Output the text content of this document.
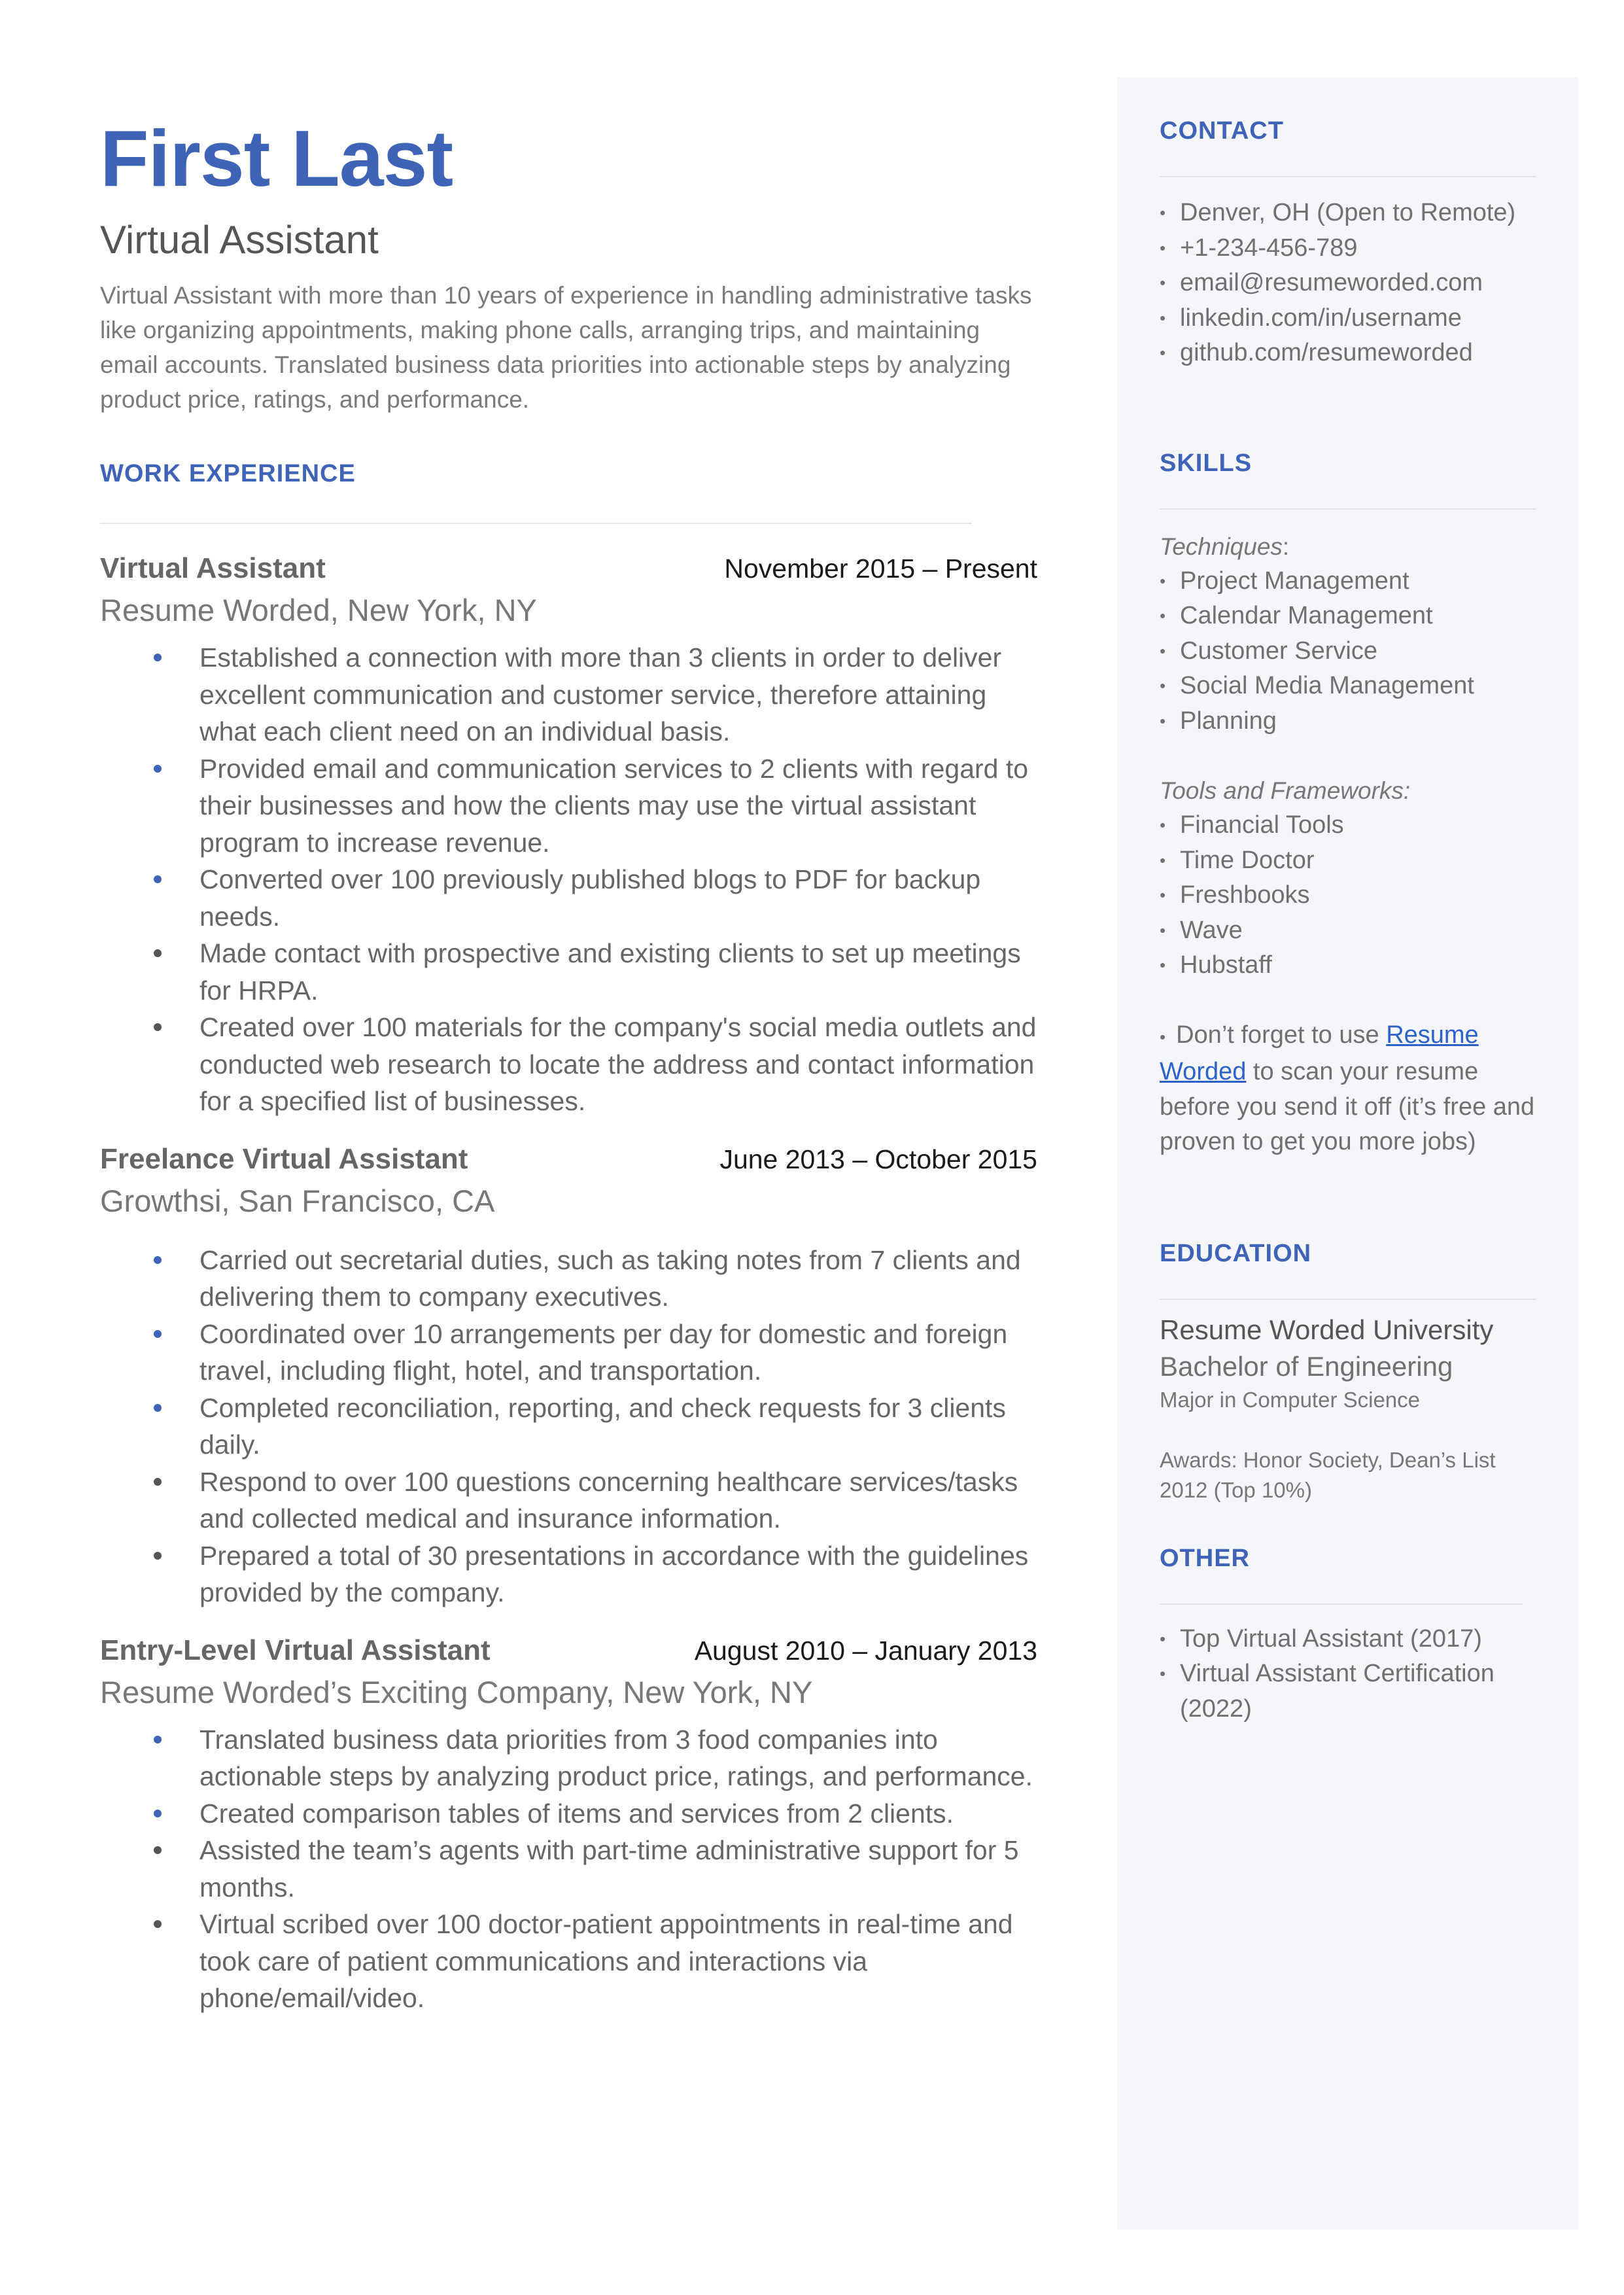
First Last
Virtual Assistant

Virtual Assistant with more than 10 years of experience in handling administrative tasks like organizing appointments, making phone calls, arranging trips, and maintaining email accounts. Translated business data priorities into actionable steps by analyzing product price, ratings, and performance.

WORK EXPERIENCE
Virtual Assistant	November 2015 – Present
Resume Worded, New York, NY
Established a connection with more than 3 clients in order to deliver excellent communication and customer service, therefore attaining what each client need on an individual basis.
Provided email and communication services to 2 clients with regard to their businesses and how the clients may use the virtual assistant program to increase revenue.
Converted over 100 previously published blogs to PDF for backup needs.
Made contact with prospective and existing clients to set up meetings for HRPA.
Created over 100 materials for the company's social media outlets and conducted web research to locate the address and contact information for a specified list of businesses.
Freelance Virtual Assistant	June 2013 – October 2015
Growthsi, San Francisco, CA
Carried out secretarial duties, such as taking notes from 7 clients and delivering them to company executives.
Coordinated over 10 arrangements per day for domestic and foreign travel, including flight, hotel, and transportation.
Completed reconciliation, reporting, and check requests for 3 clients daily.
Respond to over 100 questions concerning healthcare services/tasks and collected medical and insurance information.
Prepared a total of 30 presentations in accordance with the guidelines provided by the company.
Entry-Level Virtual Assistant	August 2010 – January 2013
Resume Worded’s Exciting Company, New York, NY
Translated business data priorities from 3 food companies into actionable steps by analyzing product price, ratings, and performance.
Created comparison tables of items and services from 2 clients.
Assisted the team’s agents with part-time administrative support for 5 months.
Virtual scribed over 100 doctor-patient appointments in real-time and took care of patient communications and interactions via phone/email/video.
CONTACT
• Denver, OH (Open to Remote)
• +1-234-456-789
• email@resumeworded.com
• linkedin.com/in/username
• github.com/resumeworded
SKILLS
Techniques:
• Project Management
• Calendar Management
• Customer Service
• Social Media Management
• Planning
Tools and Frameworks:
• Financial Tools
• Time Doctor
• Freshbooks
• Wave
• Hubstaff
• Don’t forget to use Resume Worded to scan your resume before you send it off (it’s free and proven to get you more jobs)
EDUCATION
Resume Worded University
Bachelor of Engineering
Major in Computer Science
Awards: Honor Society, Dean’s List 2012 (Top 10%)
OTHER
• Top Virtual Assistant (2017)
• Virtual Assistant Certification (2022)
